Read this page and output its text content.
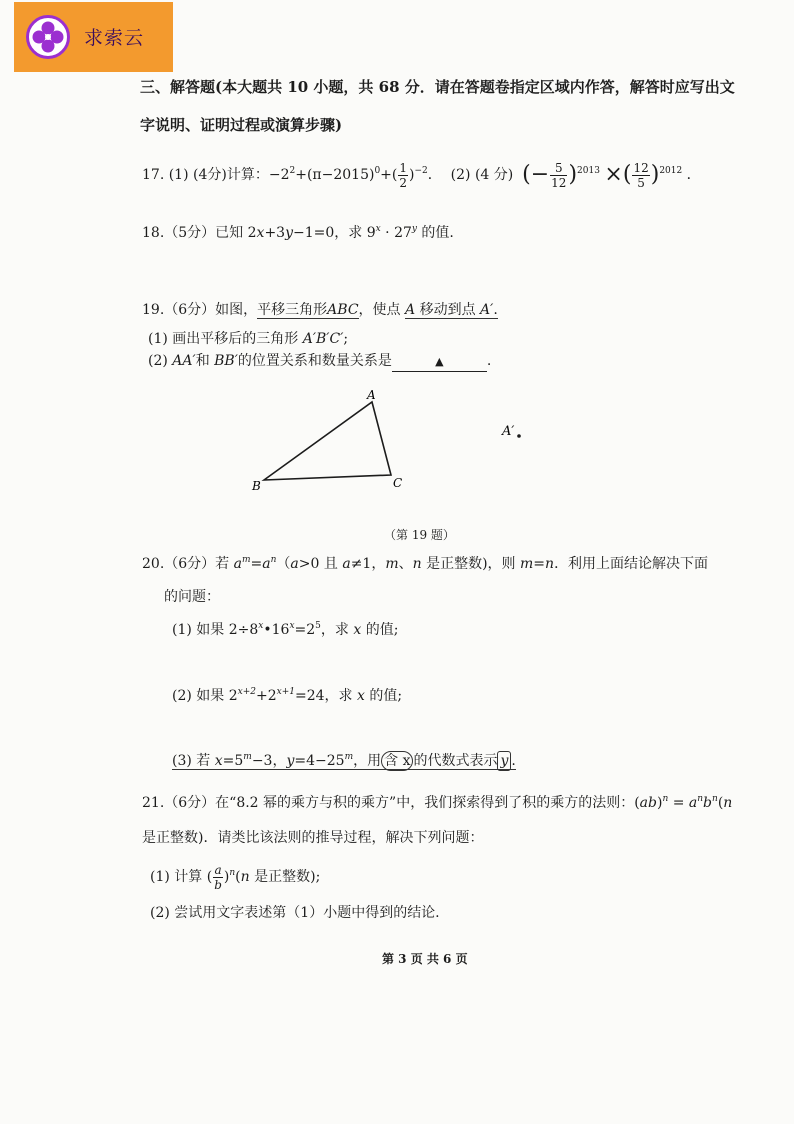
求索云
三、解答题(本大题共 10 小题，共 68 分．请在答题卷指定区域内作答，解答时应写出文
字说明、证明过程或演算步骤)
17. (1) (4分)计算：$-2^2+(\pi-2015)^0+( \frac{1}{2} )^{-2}$． (2) (4 分) (− $\frac{5}{12} )^{2013}$ ×( $\frac{12}{5} )^{2012}$ ．
18.（5分）已知 2x+3y−1=0，求 $9^x \cdot 27^y$ 的值.
19.（6分）如图，平移三角形ABC，使点 A 移动到点 A′.
(1) 画出平移后的三角形 A′B′C′;
(2) AA′和 BB′的位置关系和数量关系是	▲	.
A
B	C
A′
（第 19 题）
20.（6分）若 $a^m=a^n(a>0$ 且 a≠1，m、n 是正整数)，则 m=n．利用上面结论解决下面
的问题：
(1) 如果 $2\div 8^x•16^x=2^5$，求 x 的值;
(2) 如果 $2^{x+2}+2^{x+1}=24$，求 x 的值;
(3) 若 $x=5^m-3$，$y=4-25^m$，用 含 x 的代数式表示 y .
21.（6分）在“8.2 幂的乘方与积的乘方”中，我们探索得到了积的乘方的法则：$(ab)^n = a^nb^n(n$
是正整数)．请类比该法则的推导过程，解决下列问题：
(1) 计算 ( $\frac{a}{b} )^n(n$ 是正整数);
(2) 尝试用文字表述第（1）小题中得到的结论.
第 3 页 共 6 页
